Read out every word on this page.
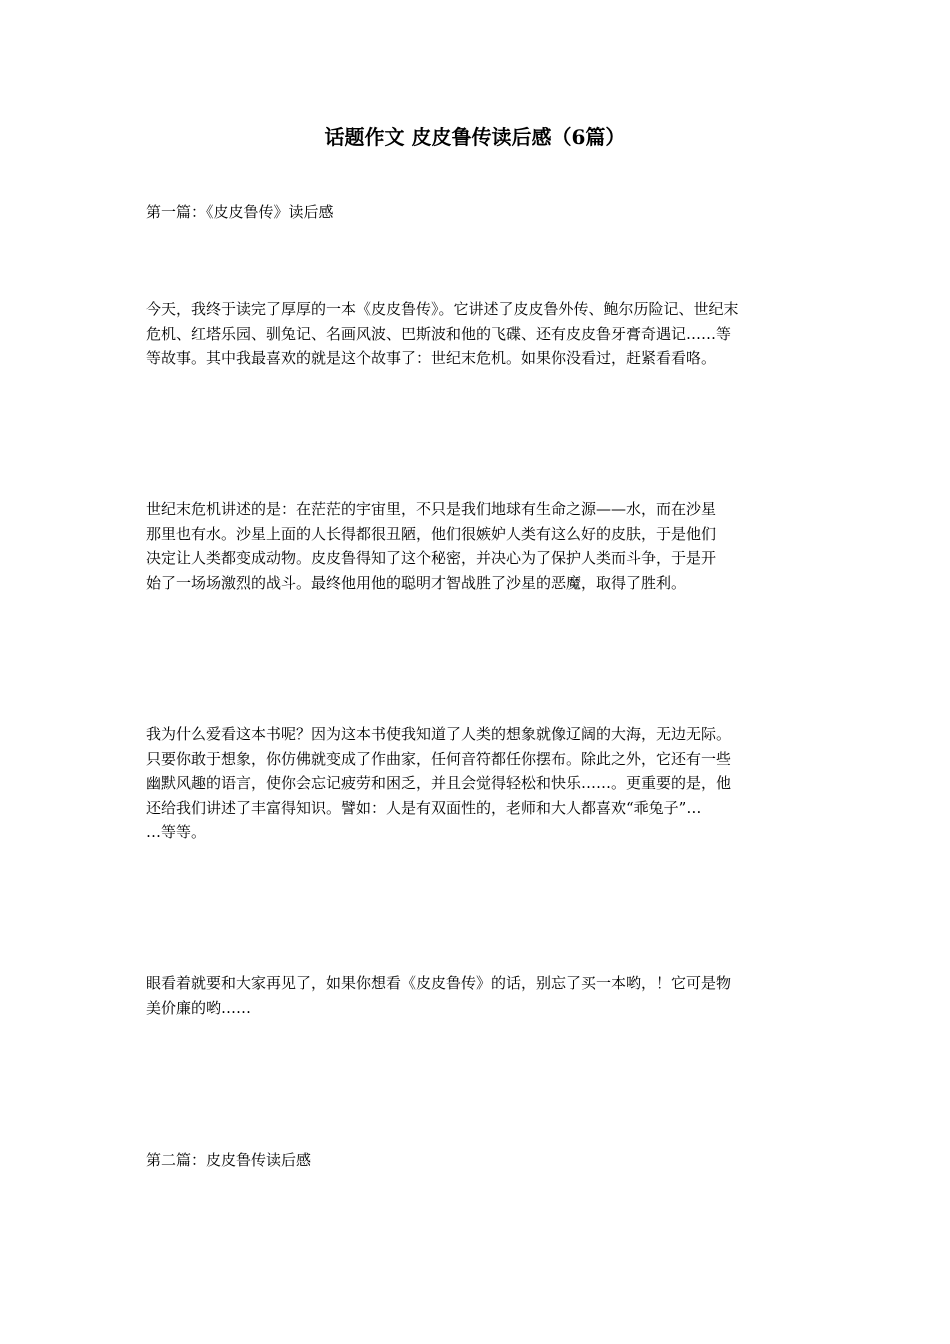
话题作文 皮皮鲁传读后感（6篇）
第一篇：《皮皮鲁传》读后感
今天，我终于读完了厚厚的一本《皮皮鲁传》。它讲述了皮皮鲁外传、鲍尔历险记、世纪末
危机、红塔乐园、驯兔记、名画风波、巴斯波和他的飞碟、还有皮皮鲁牙膏奇遇记……等
等故事。其中我最喜欢的就是这个故事了：世纪末危机。如果你没看过，赶紧看看咯。
世纪末危机讲述的是：在茫茫的宇宙里，不只是我们地球有生命之源——水，而在沙星
那里也有水。沙星上面的人长得都很丑陋，他们很嫉妒人类有这么好的皮肤，于是他们
决定让人类都变成动物。皮皮鲁得知了这个秘密，并决心为了保护人类而斗争，于是开
始了一场场激烈的战斗。最终他用他的聪明才智战胜了沙星的恶魔，取得了胜利。
我为什么爱看这本书呢？因为这本书使我知道了人类的想象就像辽阔的大海，无边无际。
只要你敢于想象，你仿佛就变成了作曲家，任何音符都任你摆布。除此之外，它还有一些
幽默风趣的语言，使你会忘记疲劳和困乏，并且会觉得轻松和快乐……。更重要的是，他
还给我们讲述了丰富得知识。譬如：人是有双面性的，老师和大人都喜欢“乖兔子”…
…等等。
眼看着就要和大家再见了，如果你想看《皮皮鲁传》的话，别忘了买一本哟，！它可是物
美价廉的哟……
第二篇：皮皮鲁传读后感
